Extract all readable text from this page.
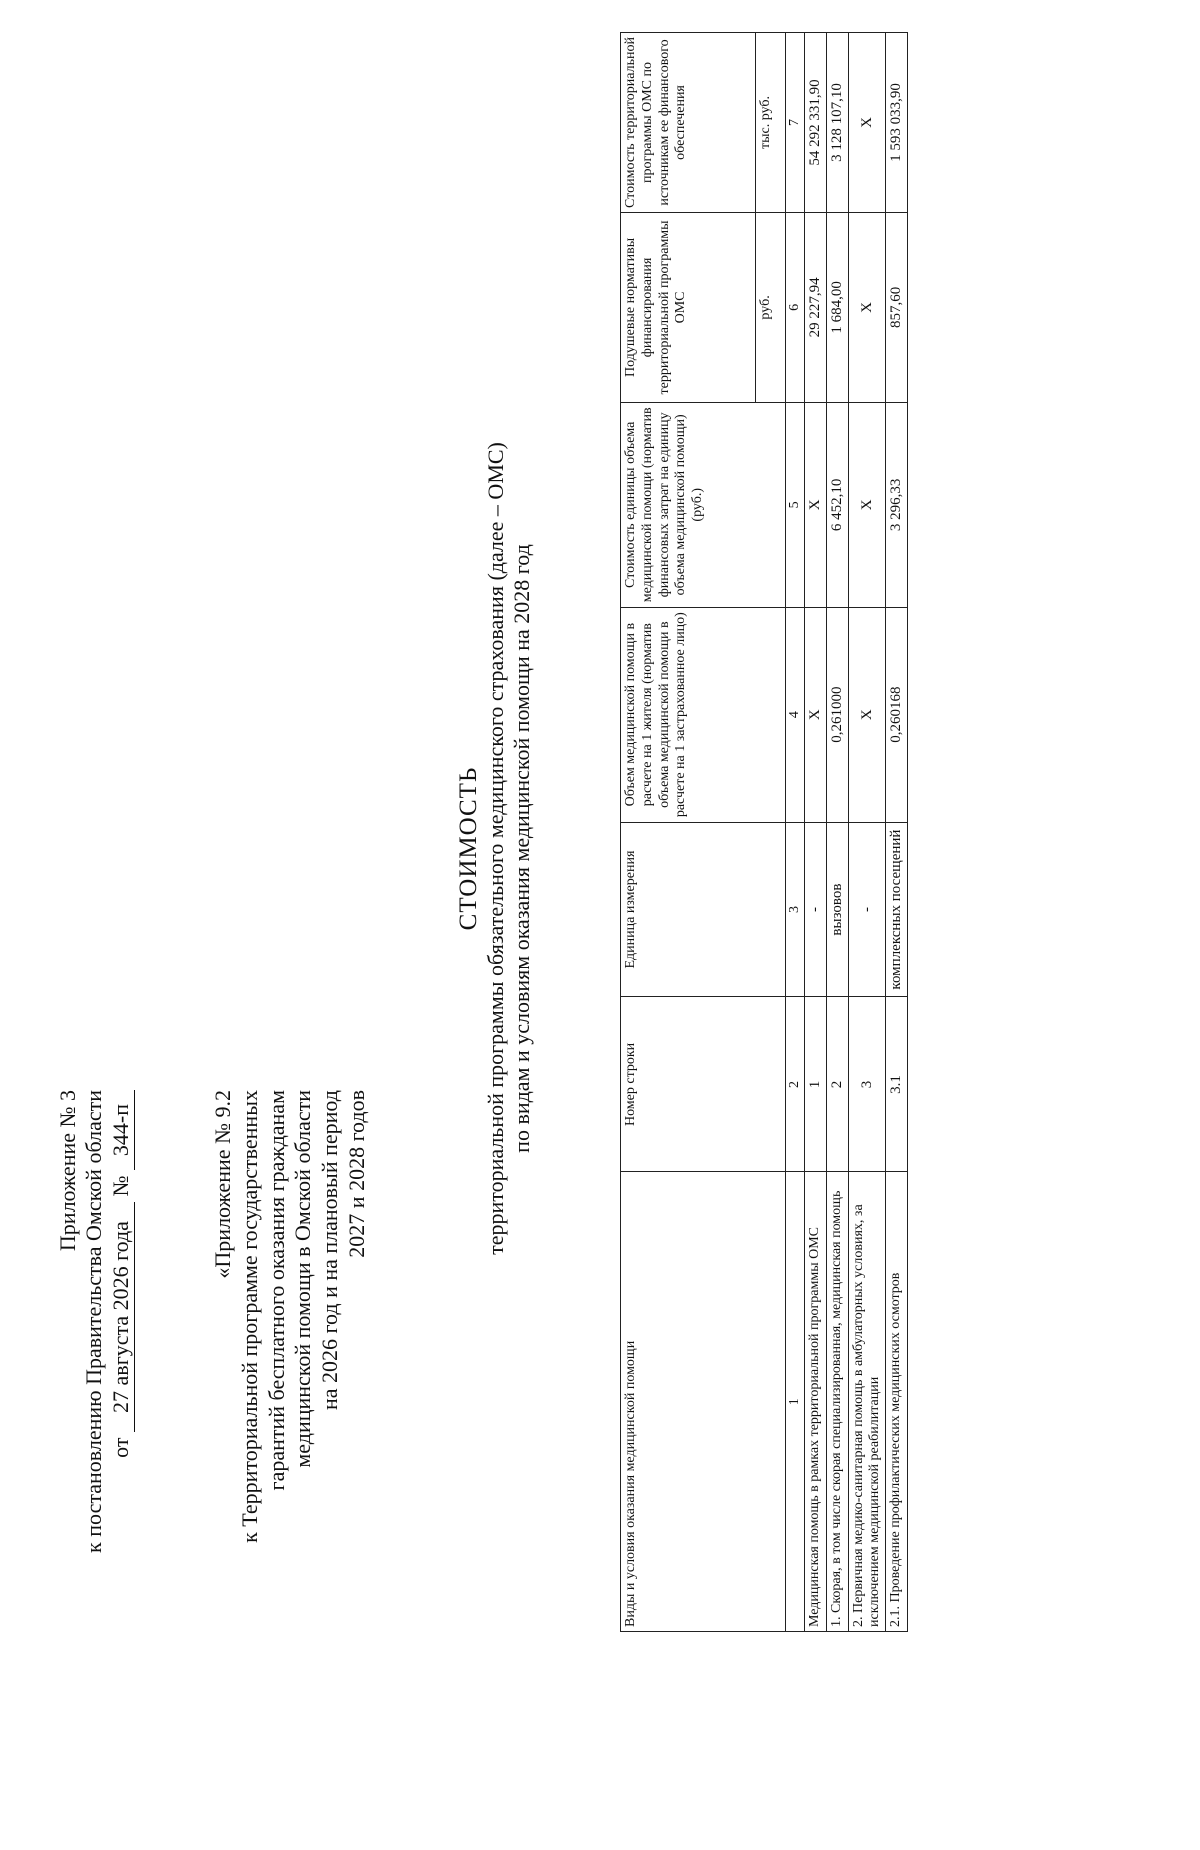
Приложение № 3 к постановлению Правительства Омской области от 27 августа 2026 года № 344-п	«Приложение № 9.2 к Территориальной программе государственных гарантий бесплатного оказания гражданам медицинской помощи в Омской области на 2026 год и на плановый период 2027 и 2028 годов
СТОИМОСТЬ территориальной программы обязательного медицинского страхования (далее – ОМС) по видам и условиям оказания медицинской помощи на 2028 год
Виды и условия оказания медицинской помощи	Номер строки	Единица измерения	Объем медицинской помощи в расчете на 1 жителя (норматив объема медицинской помощи в расчете на 1 застрахованное лицо)	Стоимость единицы объема медицинской помощи (норматив финансовых затрат на единицу объема медицинской помощи) (руб.)	Подушевые нормативы финансирования территориальной программы ОМС	Стоимость территориальной программы ОМС по источникам ее финансового обеспечения
					руб.	тыс. руб.
1	2	3	4	5	6	7
Медицинская помощь в рамках территориальной программы ОМС	1	-	Х	Х	29 227,94	54 292 331,90
1. Скорая, в том числе скорая специализированная, медицинская помощь	2	вызовов	0,261000	6 452,10	1 684,00	3 128 107,10
2. Первичная медико-санитарная помощь в амбулаторных условиях, за исключением медицинской реабилитации	3	-	Х	Х	Х	Х
2.1. Проведение профилактических медицинских осмотров	3.1	комплексных посещений	0,260168	3 296,33	857,60	1 593 033,90
